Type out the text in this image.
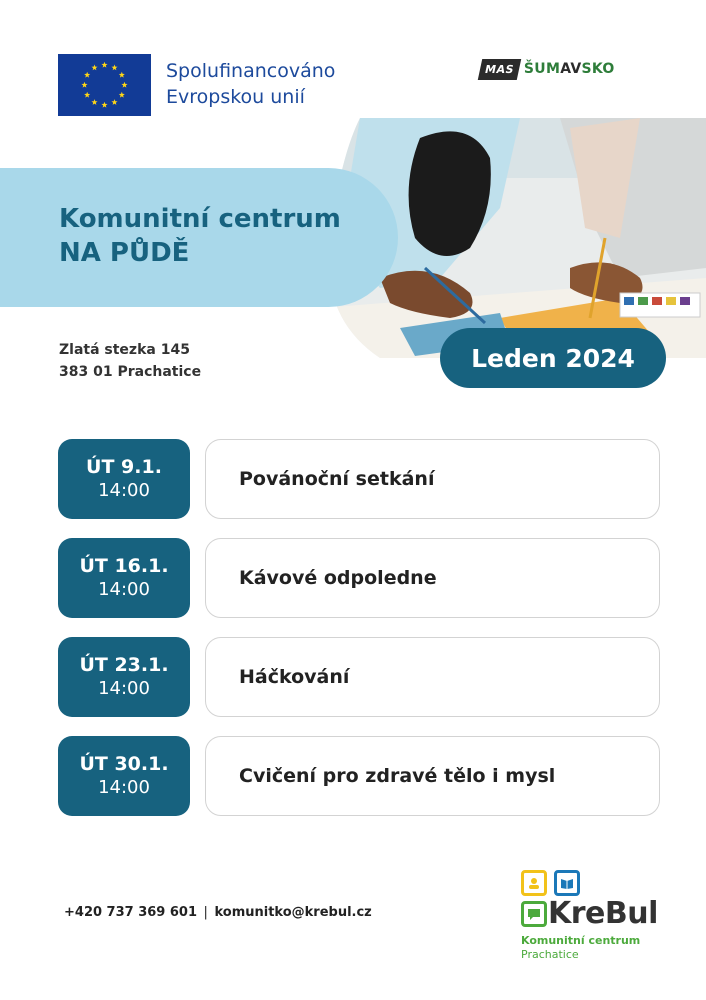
Spolufinancováno
Evropskou unií
MAS ŠUMAVSKO
Komunitní centrum
NA PŮDĚ
Zlatá stezka 145
383 01 Prachatice	Leden 2024
ÚT 9.1.
14:00
Povánoční setkání
ÚT 16.1.
14:00
Kávové odpoledne
ÚT 23.1.
14:00
Háčkování
ÚT 30.1.
14:00
Cvičení pro zdravé tělo i mysl
+420 737 369 601 | komunitko@krebul.cz	KreBul
Komunitní centrum
Prachatice
